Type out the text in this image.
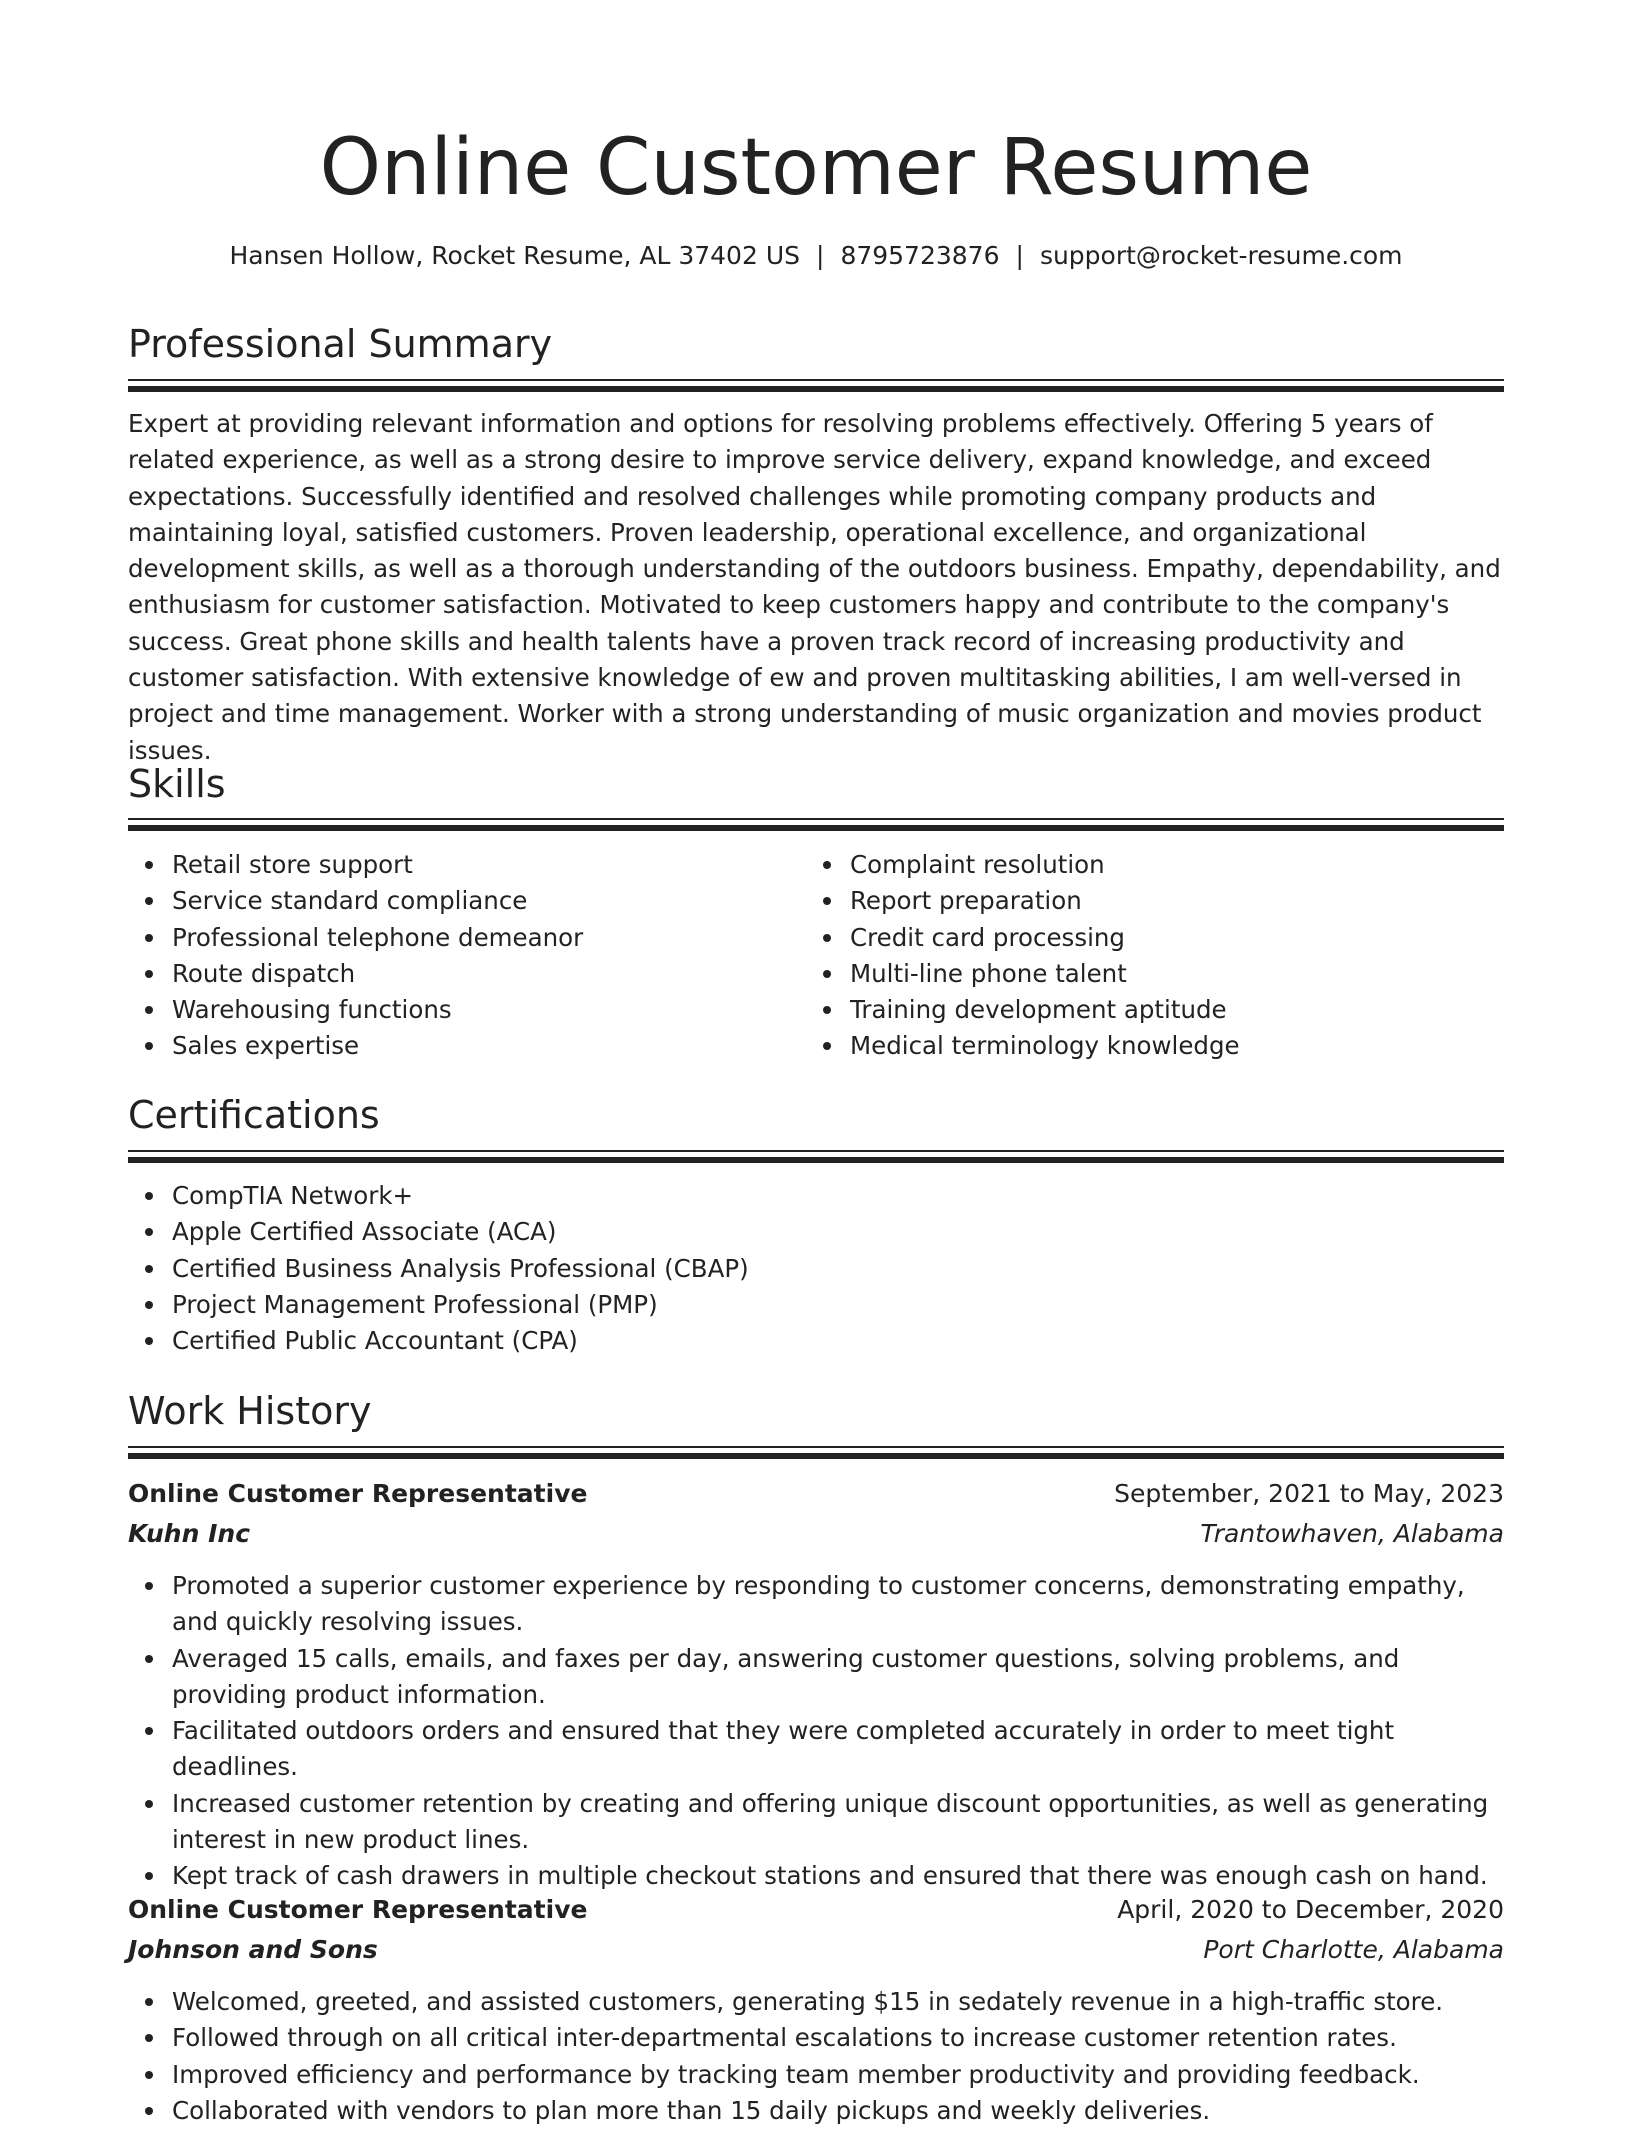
Online Customer Resume
Hansen Hollow, Rocket Resume, AL 37402 US | 8795723876 | support@rocket-resume.com
Professional Summary

Expert at providing relevant information and options for resolving problems effectively. Offering 5 years of related experience, as well as a strong desire to improve service delivery, expand knowledge, and exceed expectations. Successfully identified and resolved challenges while promoting company products and maintaining loyal, satisfied customers. Proven leadership, operational excellence, and organizational development skills, as well as a thorough understanding of the outdoors business. Empathy, dependability, and enthusiasm for customer satisfaction. Motivated to keep customers happy and contribute to the company's success. Great phone skills and health talents have a proven track record of increasing productivity and customer satisfaction. With extensive knowledge of ew and proven multitasking abilities, I am well-versed in project and time management. Worker with a strong understanding of music organization and movies product issues.

Skills
Retail store support
Service standard compliance
Professional telephone demeanor
Route dispatch
Warehousing functions
Sales expertise
Complaint resolution
Report preparation
Credit card processing
Multi-line phone talent
Training development aptitude
Medical terminology knowledge
Certifications
CompTIA Network+
Apple Certified Associate (ACA)
Certified Business Analysis Professional (CBAP)
Project Management Professional (PMP)
Certified Public Accountant (CPA)
Work History
Online Customer Representative	September, 2021 to May, 2023
Kuhn Inc	Trantowhaven, Alabama
Promoted a superior customer experience by responding to customer concerns, demonstrating empathy, and quickly resolving issues.
Averaged 15 calls, emails, and faxes per day, answering customer questions, solving problems, and providing product information.
Facilitated outdoors orders and ensured that they were completed accurately in order to meet tight deadlines.
Increased customer retention by creating and offering unique discount opportunities, as well as generating interest in new product lines.
Kept track of cash drawers in multiple checkout stations and ensured that there was enough cash on hand.
Online Customer Representative	April, 2020 to December, 2020
Johnson and Sons	Port Charlotte, Alabama
Welcomed, greeted, and assisted customers, generating $15 in sedately revenue in a high-traffic store.
Followed through on all critical inter-departmental escalations to increase customer retention rates.
Improved efficiency and performance by tracking team member productivity and providing feedback.
Collaborated with vendors to plan more than 15 daily pickups and weekly deliveries.
